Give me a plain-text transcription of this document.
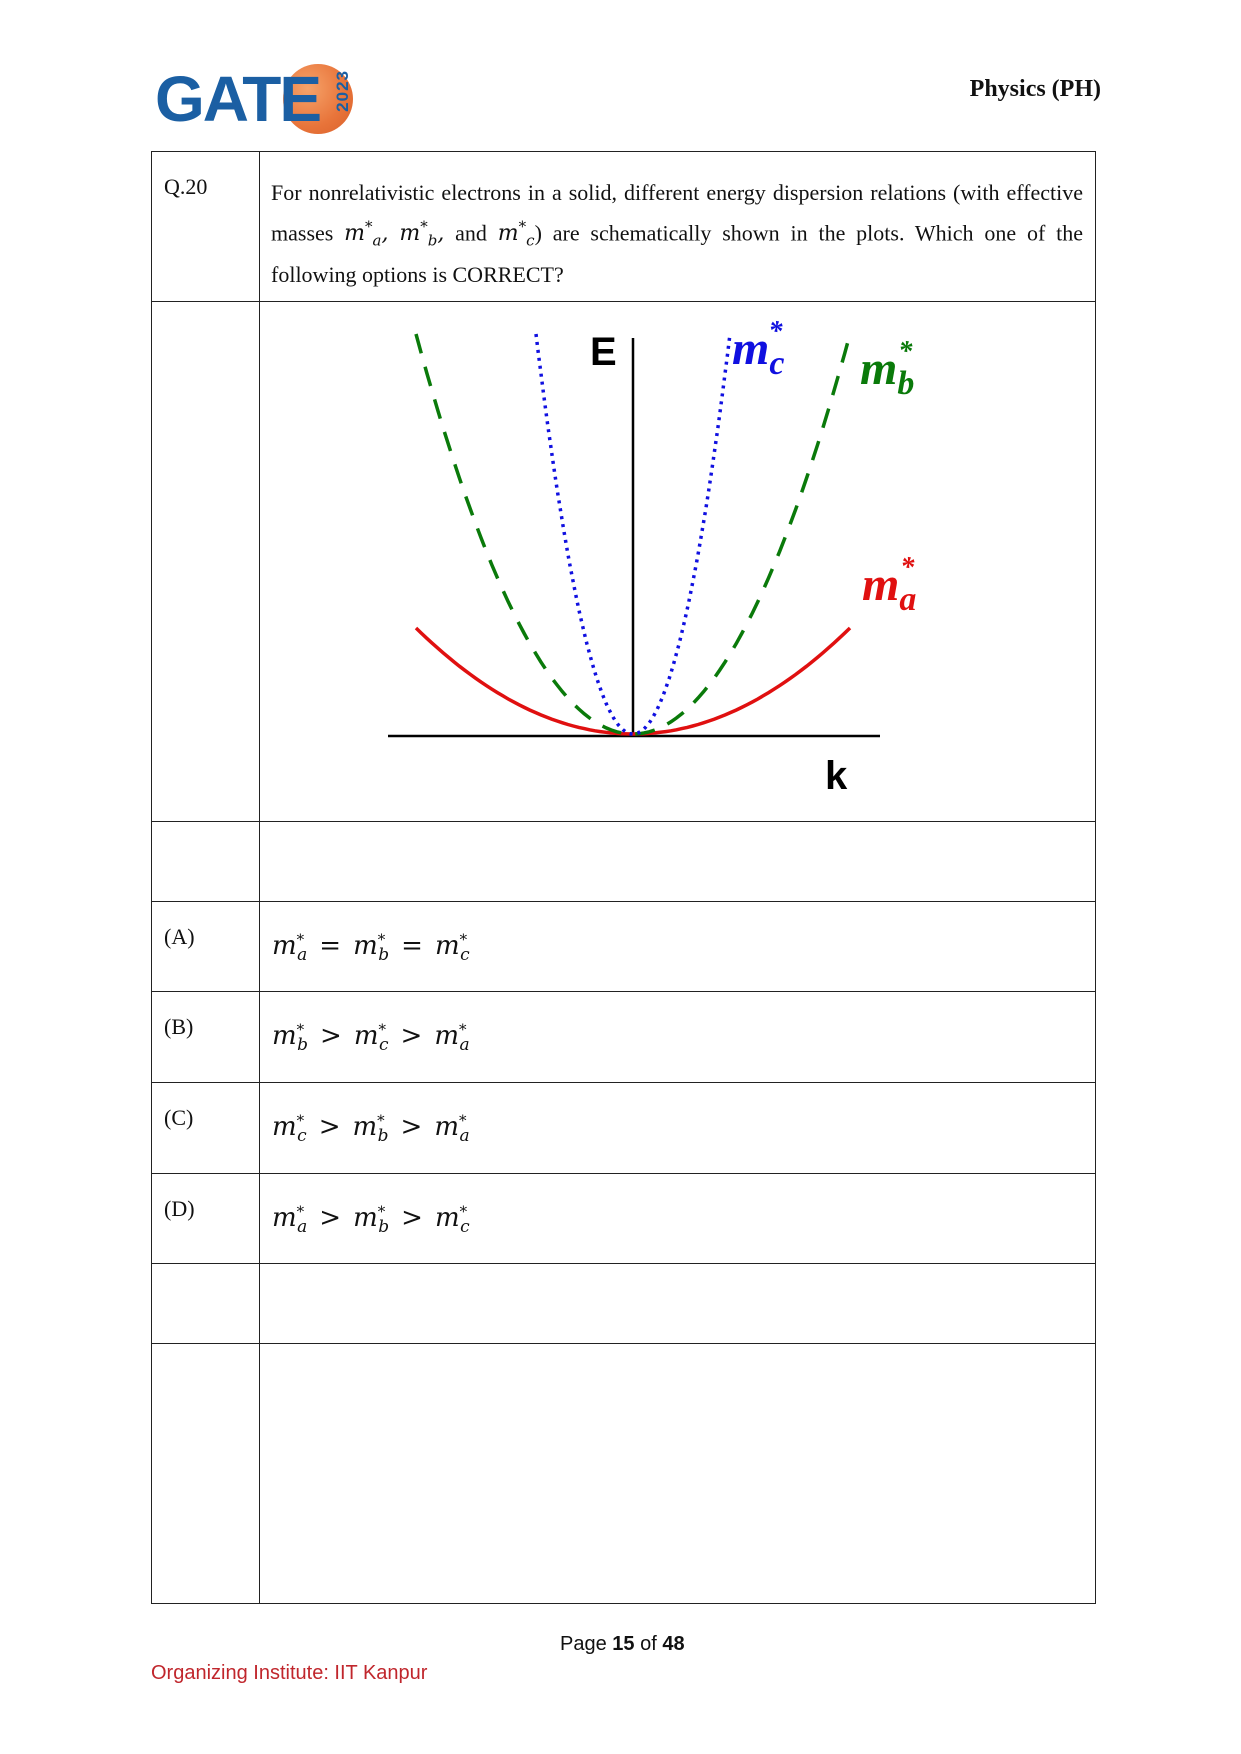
GATE 2023	Physics (PH)
Q.20	For nonrelativistic electrons in a solid, different energy dispersion relations (with effective masses $m^*_a$, $m^*_b$, and $m^*_c$) are schematically shown in the plots. Which one of the following options is CORRECT?

E
k
$m_c*$
$m_b*$
$m_a*$

(A)	$m^*_a = m^*_b = m^*_c$
(B)	$m^*_b > m^*_c > m^*_a$
(C)	$m^*_c > m^*_b > m^*_a$
(D)	$m^*_a > m^*_b > m^*_c$

Page 15 of 48
Organizing Institute: IIT Kanpur
